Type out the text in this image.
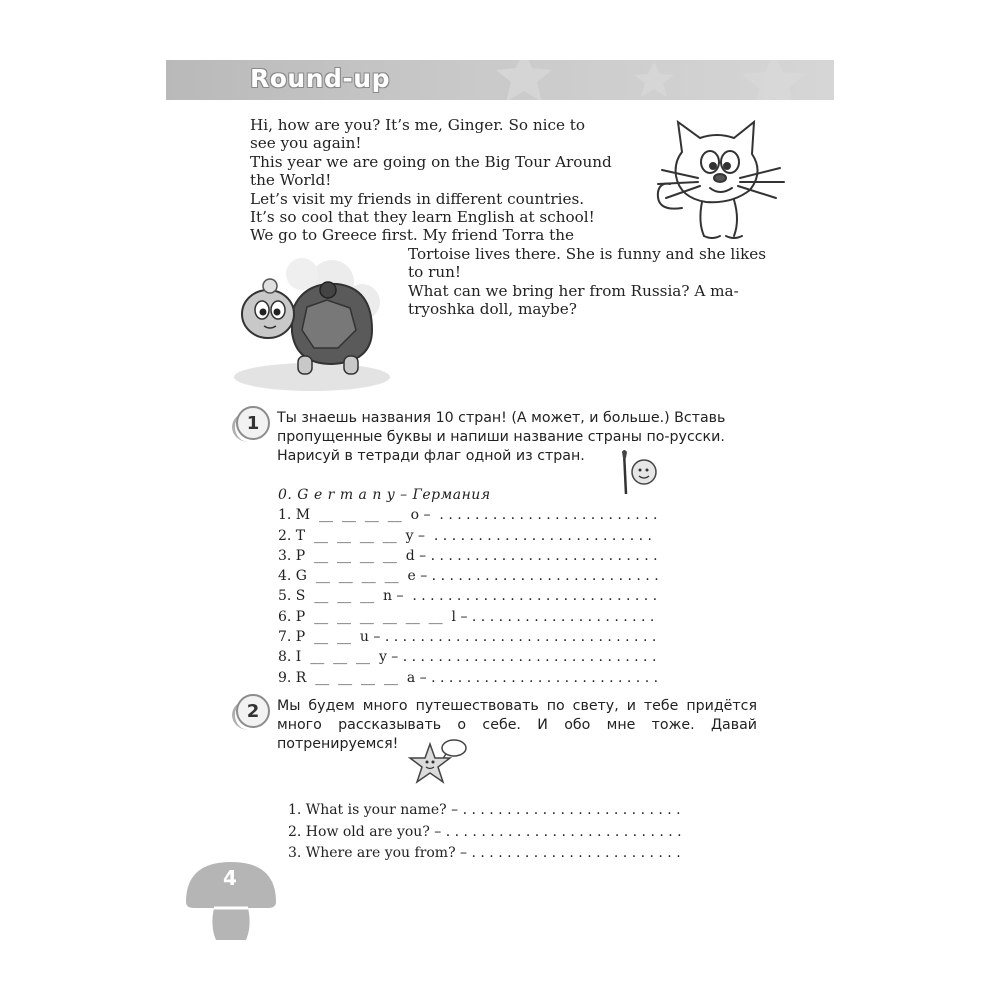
Round-up
Hi, how are you? It’s me, Ginger. So nice to
see you again!
This year we are going on the Big Tour Around
the World!
Let’s visit my friends in different countries.
It’s so cool that they learn English at school!
We go to Greece first. My friend Torra the
Tortoise lives there. She is funny and she likes
to run!
What can we bring her from Russia? A ma-
tryoshka doll, maybe?
1 Ты знаешь названия 10 стран! (А может, и больше.) Вставь
пропущенные буквы и напиши название страны по-русски.
Нарисуй в тетради флаг одной из стран.
0. G e r m a n y – Германия
1. M  __  __  __  __  o –  . . . . . . . . . . . . . . . . . . . . . . . . .
2. T  __  __  __  __  y –  . . . . . . . . . . . . . . . . . . . . . . . . .
3. P  __  __  __  __  d – . . . . . . . . . . . . . . . . . . . . . . . . . .
4. G  __  __  __  __  e – . . . . . . . . . . . . . . . . . . . . . . . . . .
5. S  __  __  __  n –  . . . . . . . . . . . . . . . . . . . . . . . . . . . .
6. P  __  __  __  __  __  __  l – . . . . . . . . . . . . . . . . . . . . .
7. P  __  __  u – . . . . . . . . . . . . . . . . . . . . . . . . . . . . . . .
8. I  __  __  __  y – . . . . . . . . . . . . . . . . . . . . . . . . . . . . .
9. R  __  __  __  __  a – . . . . . . . . . . . . . . . . . . . . . . . . . .
2 Мы будем много путешествовать по свету, и тебе придётся много рассказывать о себе. И обо мне тоже. Давай потренируемся!
1. What is your name? – . . . . . . . . . . . . . . . . . . . . . . . . .
2. How old are you? – . . . . . . . . . . . . . . . . . . . . . . . . . . .
3. Where are you from? – . . . . . . . . . . . . . . . . . . . . . . . .
4
